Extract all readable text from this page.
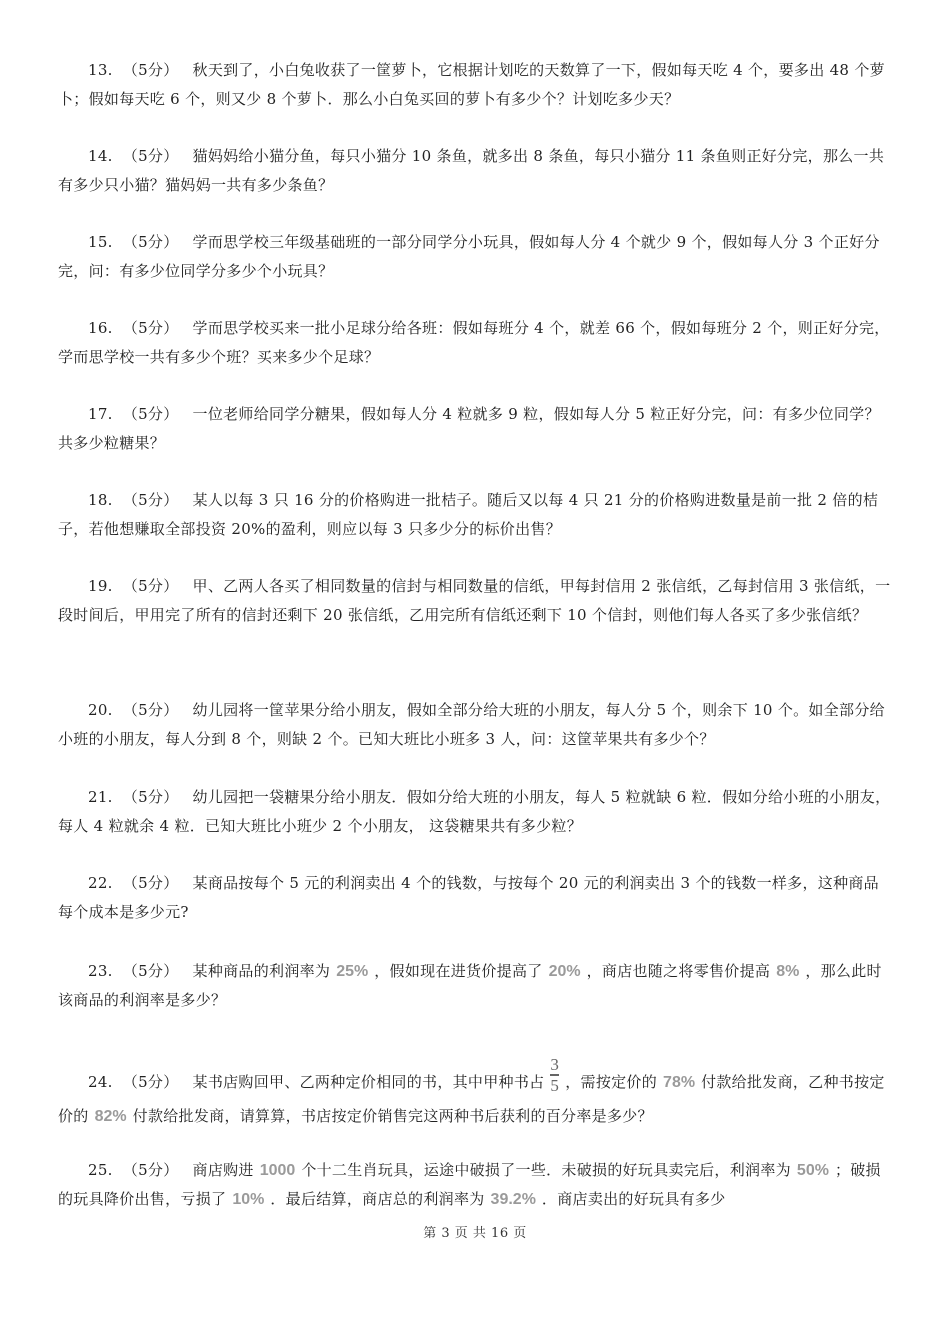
13. （5分） 秋天到了，小白兔收获了一筐萝卜，它根据计划吃的天数算了一下，假如每天吃 4 个，要多出 48 个萝卜；假如每天吃 6 个，则又少 8 个萝卜．那么小白兔买回的萝卜有多少个？计划吃多少天？
14. （5分） 猫妈妈给小猫分鱼，每只小猫分 10 条鱼，就多出 8 条鱼，每只小猫分 11 条鱼则正好分完，那么一共有多少只小猫？猫妈妈一共有多少条鱼？
15. （5分） 学而思学校三年级基础班的一部分同学分小玩具，假如每人分 4 个就少 9 个，假如每人分 3 个正好分完，问：有多少位同学分多少个小玩具？
16. （5分） 学而思学校买来一批小足球分给各班：假如每班分 4 个，就差 66 个，假如每班分 2 个，则正好分完，学而思学校一共有多少个班？买来多少个足球？
17. （5分） 一位老师给同学分糖果，假如每人分 4 粒就多 9 粒，假如每人分 5 粒正好分完，问：有多少位同学？共多少粒糖果？
18. （5分） 某人以每 3 只 16 分的价格购进一批桔子。随后又以每 4 只 21 分的价格购进数量是前一批 2 倍的桔子，若他想赚取全部投资 20%的盈利，则应以每 3 只多少分的标价出售？
19. （5分） 甲、乙两人各买了相同数量的信封与相同数量的信纸，甲每封信用 2 张信纸，乙每封信用 3 张信纸，一段时间后，甲用完了所有的信封还剩下 20 张信纸，乙用完所有信纸还剩下 10 个信封，则他们每人各买了多少张信纸？
20. （5分） 幼儿园将一筐苹果分给小朋友，假如全部分给大班的小朋友，每人分 5 个，则余下 10 个。如全部分给小班的小朋友，每人分到 8 个，则缺 2 个。已知大班比小班多 3 人，问：这筐苹果共有多少个？
21. （5分） 幼儿园把一袋糖果分给小朋友．假如分给大班的小朋友，每人 5 粒就缺 6 粒．假如分给小班的小朋友，每人 4 粒就余 4 粒．已知大班比小班少 2 个小朋友， 这袋糖果共有多少粒？
22. （5分） 某商品按每个 5 元的利润卖出 4 个的钱数，与按每个 20 元的利润卖出 3 个的钱数一样多，这种商品每个成本是多少元?
23. （5分） 某种商品的利润率为 25% ，假如现在进货价提高了 20% ，商店也随之将零售价提高 8% ，那么此时该商品的利润率是多少？
24. （5分） 某书店购回甲、乙两种定价相同的书，其中甲种书占 $\frac{3}{5}$ ，需按定价的 78% 付款给批发商，乙种书按定价的 82% 付款给批发商，请算算，书店按定价销售完这两种书后获利的百分率是多少？
25. （5分） 商店购进 1000 个十二生肖玩具，运途中破损了一些．未破损的好玩具卖完后，利润率为 50% ；破损的玩具降价出售，亏损了 10% ．最后结算，商店总的利润率为 39.2% ．商店卖出的好玩具有多少
第 3 页 共 16 页
